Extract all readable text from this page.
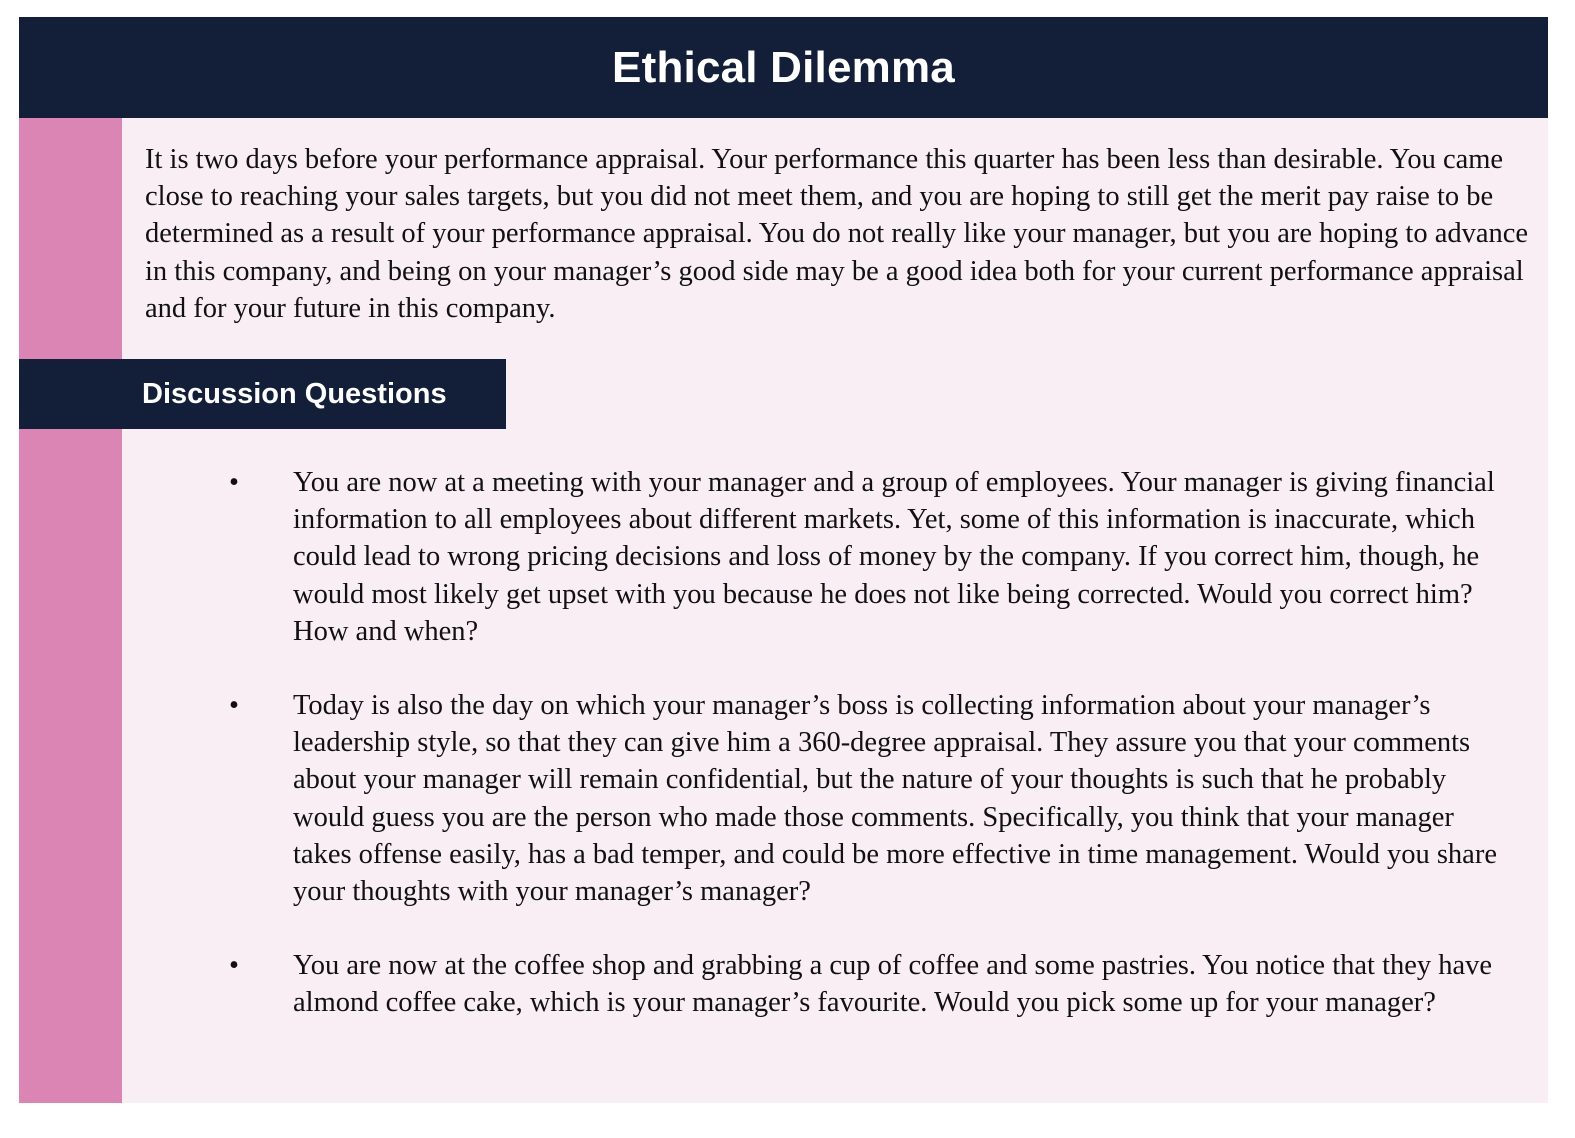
Ethical Dilemma

It is two days before your performance appraisal. Your performance this quarter has been less than desirable. You came close to reaching your sales targets, but you did not meet them, and you are hoping to still get the merit pay raise to be determined as a result of your performance appraisal. You do not really like your manager, but you are hoping to advance in this company, and being on your manager’s good side may be a good idea both for your current performance appraisal and for your future in this company.

Discussion Questions
•	You are now at a meeting with your manager and a group of employees. Your manager is giving financial information to all employees about different markets. Yet, some of this information is inaccurate, which could lead to wrong pricing decisions and loss of money by the company. If you correct him, though, he would most likely get upset with you because he does not like being corrected. Would you correct him? How and when?
•	Today is also the day on which your manager’s boss is collecting information about your manager’s leadership style, so that they can give him a 360-degree appraisal. They assure you that your comments about your manager will remain confidential, but the nature of your thoughts is such that he probably would guess you are the person who made those comments. Specifically, you think that your manager takes offense easily, has a bad temper, and could be more effective in time management. Would you share your thoughts with your manager’s manager?
•	You are now at the coffee shop and grabbing a cup of coffee and some pastries. You notice that they have almond coffee cake, which is your manager’s favourite. Would you pick some up for your manager?
